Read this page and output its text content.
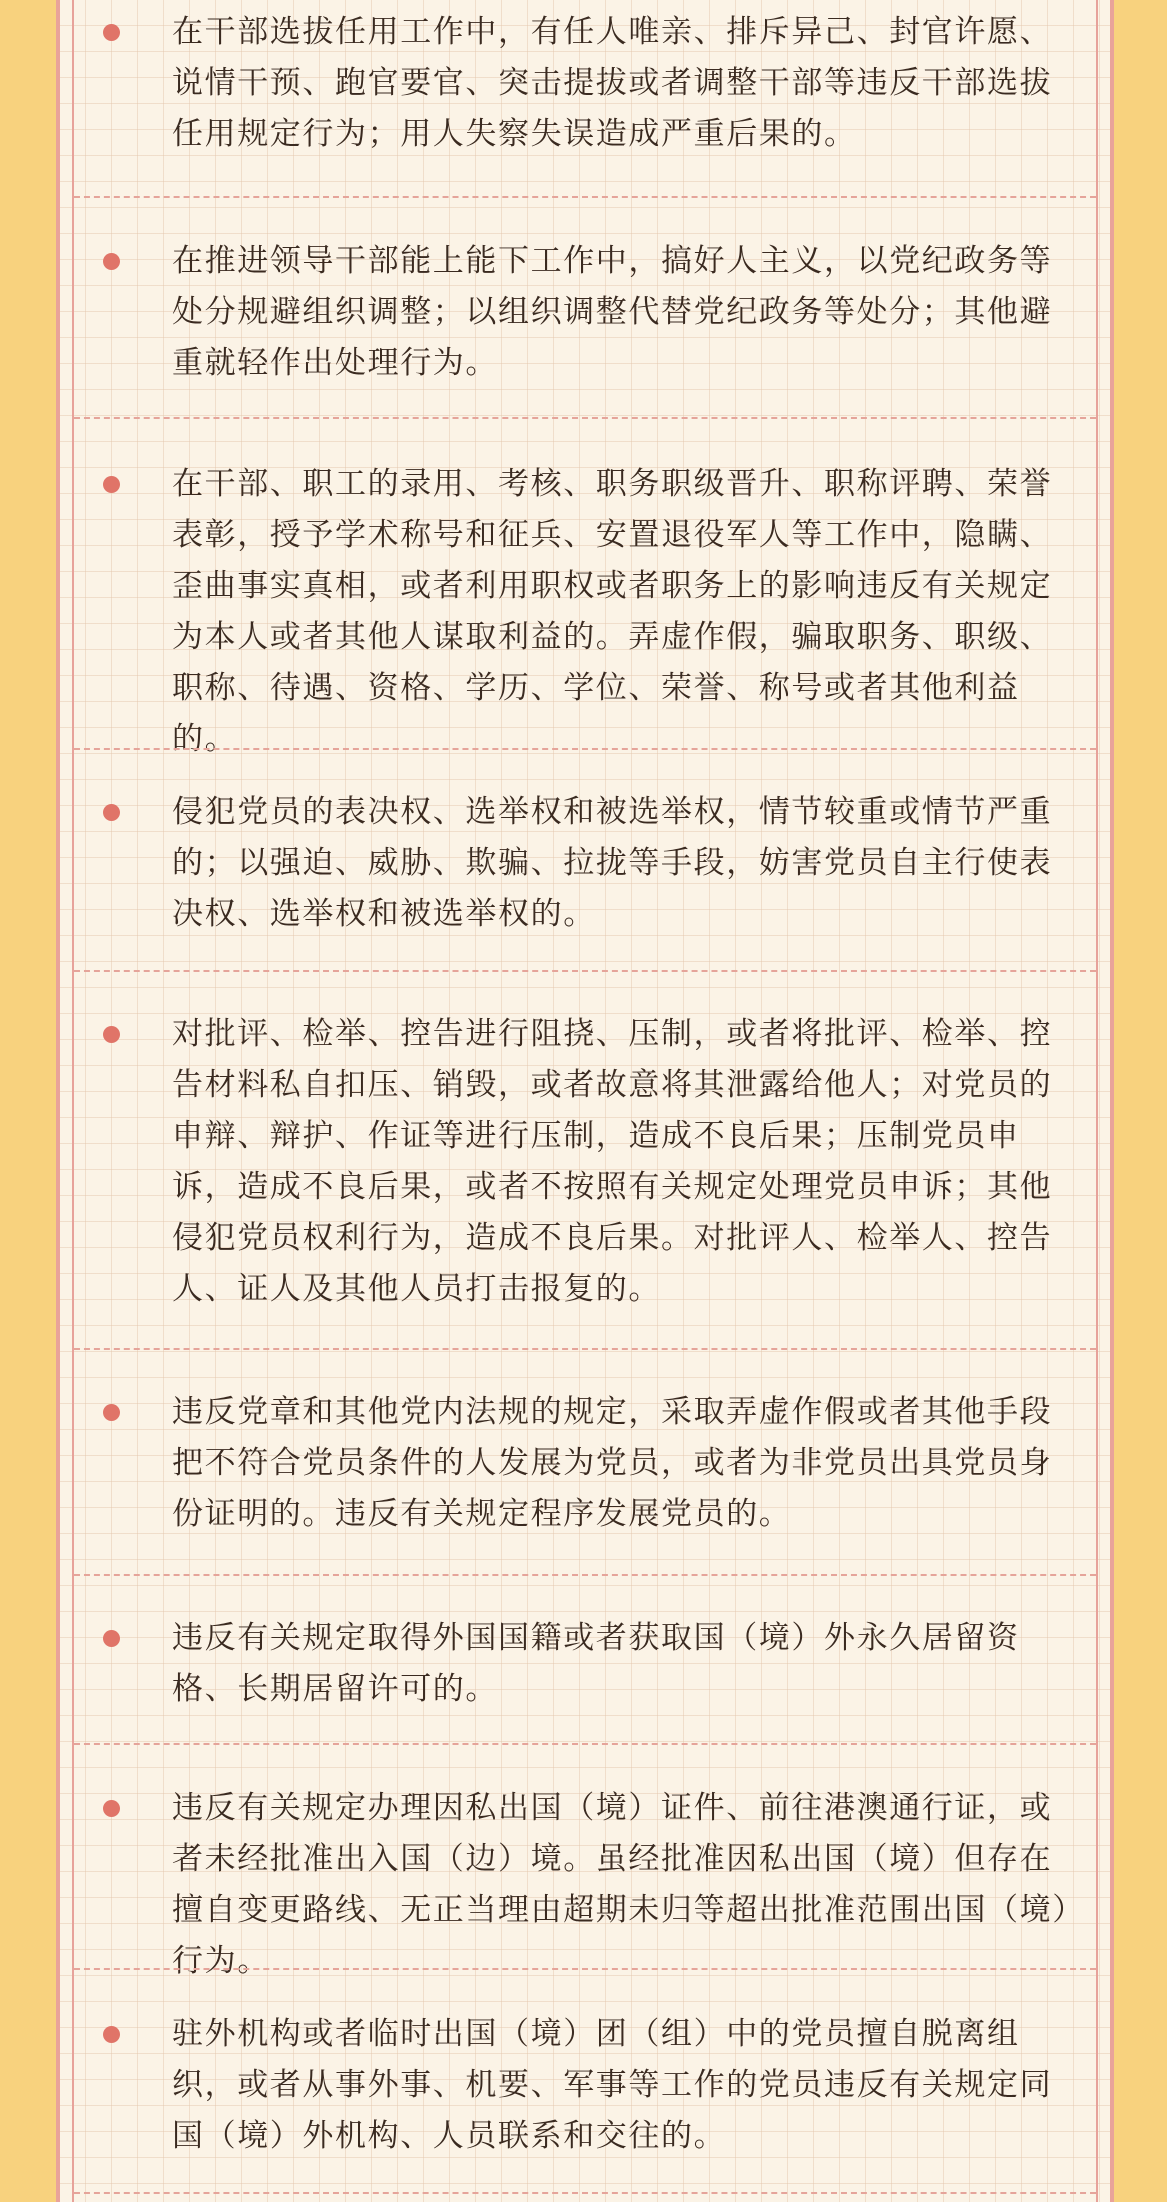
在干部选拔任用工作中，有任人唯亲、排斥异己、封官许愿、说情干预、跑官要官、突击提拔或者调整干部等违反干部选拔任用规定行为；用人失察失误造成严重后果的。
在推进领导干部能上能下工作中，搞好人主义，以党纪政务等处分规避组织调整；以组织调整代替党纪政务等处分；其他避重就轻作出处理行为。
在干部、职工的录用、考核、职务职级晋升、职称评聘、荣誉表彰，授予学术称号和征兵、安置退役军人等工作中，隐瞒、歪曲事实真相，或者利用职权或者职务上的影响违反有关规定为本人或者其他人谋取利益的。弄虚作假，骗取职务、职级、职称、待遇、资格、学历、学位、荣誉、称号或者其他利益的。
侵犯党员的表决权、选举权和被选举权，情节较重或情节严重的；以强迫、威胁、欺骗、拉拢等手段，妨害党员自主行使表决权、选举权和被选举权的。
对批评、检举、控告进行阻挠、压制，或者将批评、检举、控告材料私自扣压、销毁，或者故意将其泄露给他人；对党员的申辩、辩护、作证等进行压制，造成不良后果；压制党员申诉，造成不良后果，或者不按照有关规定处理党员申诉；其他侵犯党员权利行为，造成不良后果。对批评人、检举人、控告人、证人及其他人员打击报复的。
违反党章和其他党内法规的规定，采取弄虚作假或者其他手段把不符合党员条件的人发展为党员，或者为非党员出具党员身份证明的。违反有关规定程序发展党员的。
违反有关规定取得外国国籍或者获取国（境）外永久居留资格、长期居留许可的。
违反有关规定办理因私出国（境）证件、前往港澳通行证，或者未经批准出入国（边）境。虽经批准因私出国（境）但存在擅自变更路线、无正当理由超期未归等超出批准范围出国（境）行为。
驻外机构或者临时出国（境）团（组）中的党员擅自脱离组织，或者从事外事、机要、军事等工作的党员违反有关规定同国（境）外机构、人员联系和交往的。
